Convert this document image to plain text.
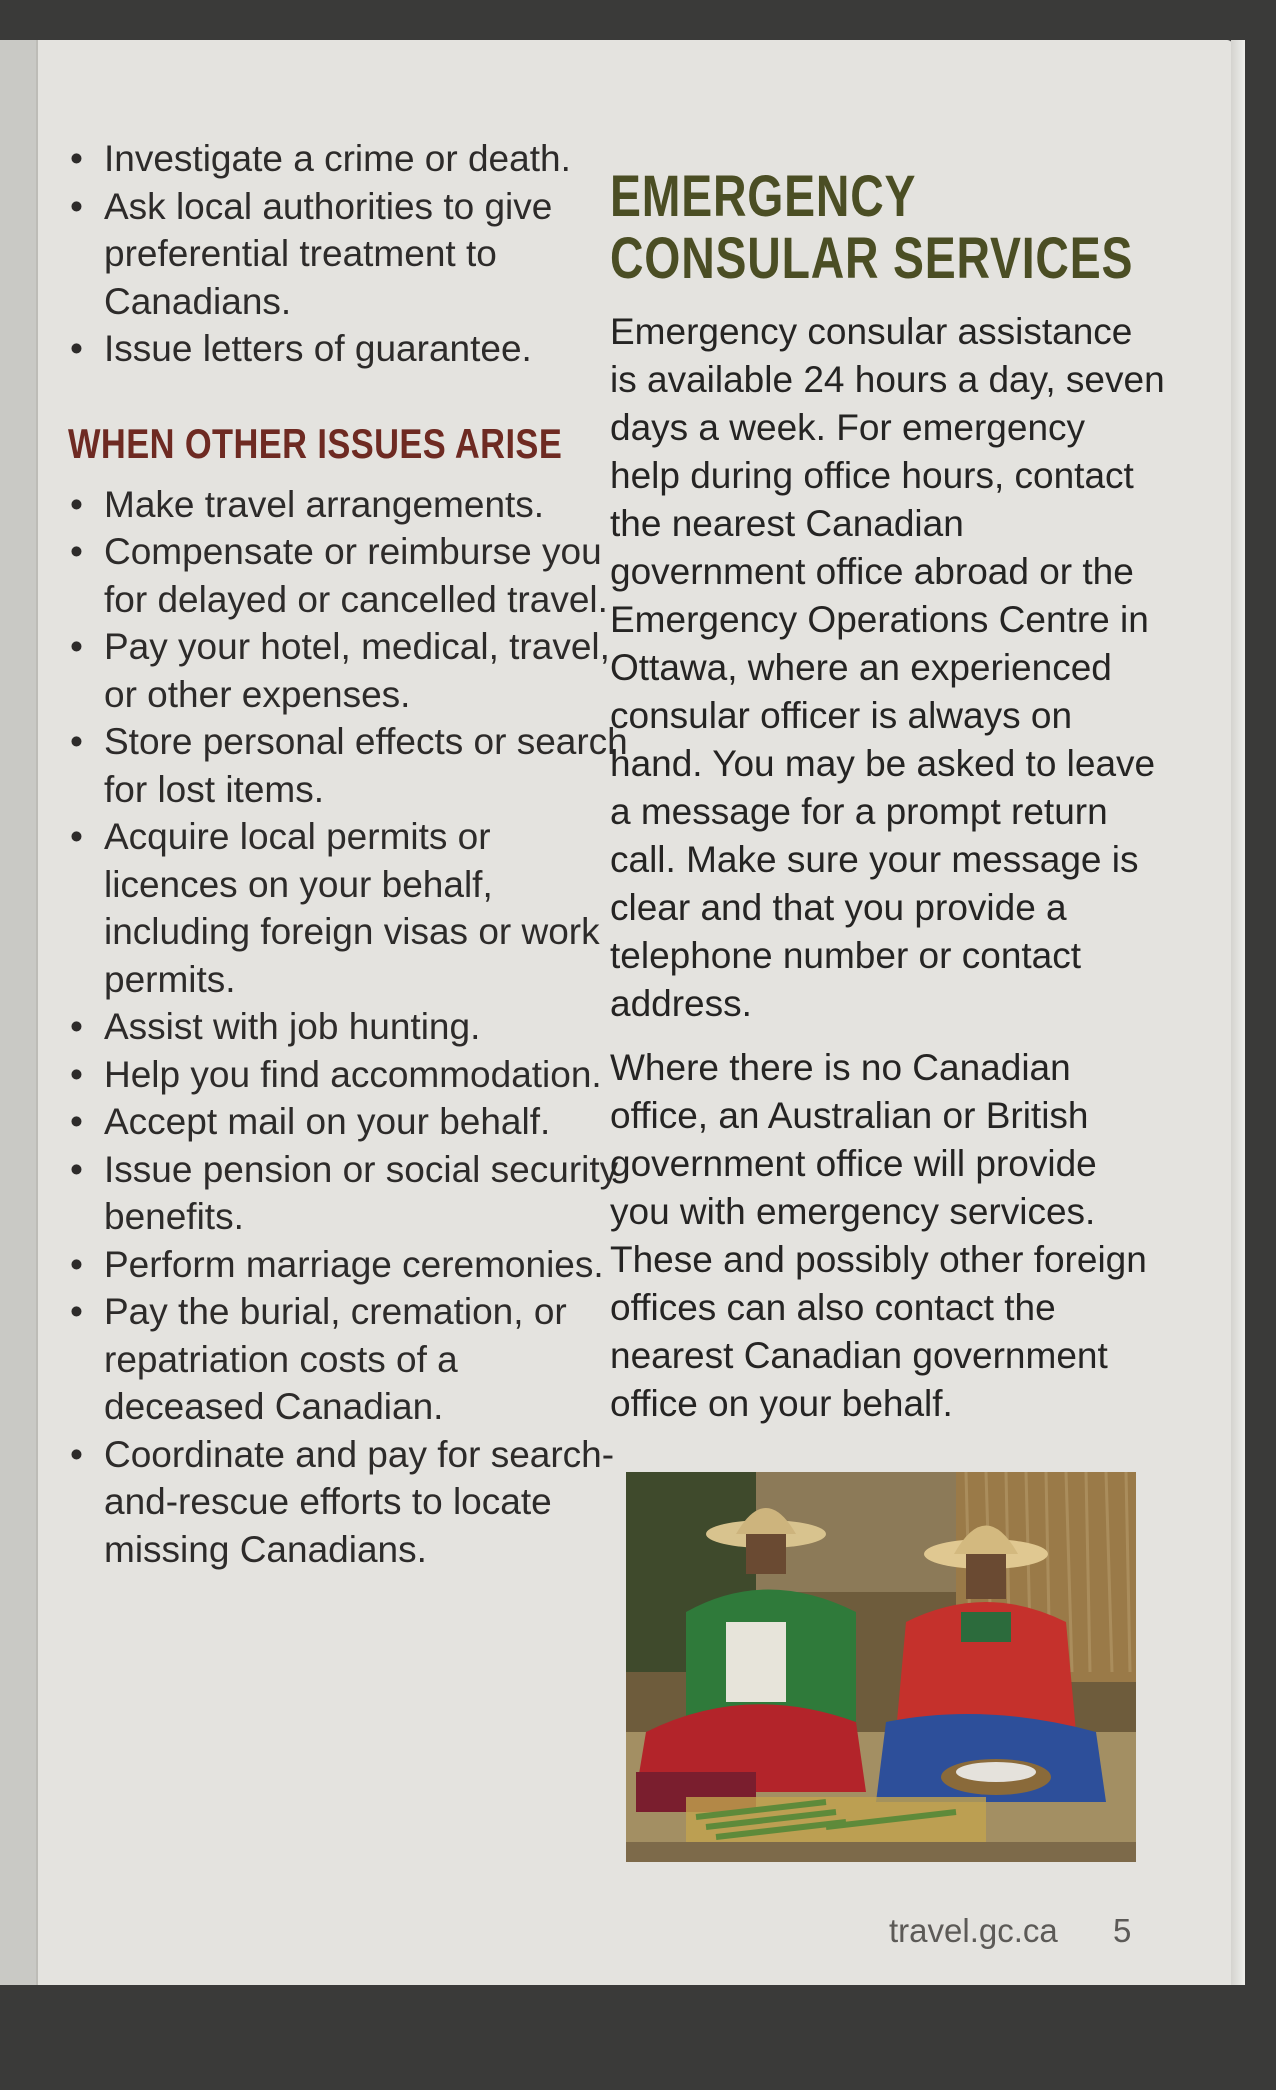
• Investigate a crime or death.
• Ask local authorities to give preferential treatment to Canadians.
• Issue letters of guarantee.
WHEN OTHER ISSUES ARISE
• Make travel arrangements.
• Compensate or reimburse you for delayed or cancelled travel.
• Pay your hotel, medical, travel, or other expenses.
• Store personal effects or search for lost items.
• Acquire local permits or licences on your behalf, including foreign visas or work permits.
• Assist with job hunting.
• Help you find accommodation.
• Accept mail on your behalf.
• Issue pension or social security benefits.
• Perform marriage ceremonies.
• Pay the burial, cremation, or repatriation costs of a deceased Canadian.
• Coordinate and pay for search-and-rescue efforts to locate missing Canadians.
EMERGENCY CONSULAR SERVICES

Emergency consular assistance is available 24 hours a day, seven days a week. For emergency help during office hours, contact the nearest Canadian government office abroad or the Emergency Operations Centre in Ottawa, where an experienced consular officer is always on hand. You may be asked to leave a message for a prompt return call. Make sure your message is clear and that you provide a telephone number or contact address.

Where there is no Canadian office, an Australian or British government office will provide you with emergency services. These and possibly other foreign offices can also contact the nearest Canadian government office on your behalf.

travel.gc.ca 5
